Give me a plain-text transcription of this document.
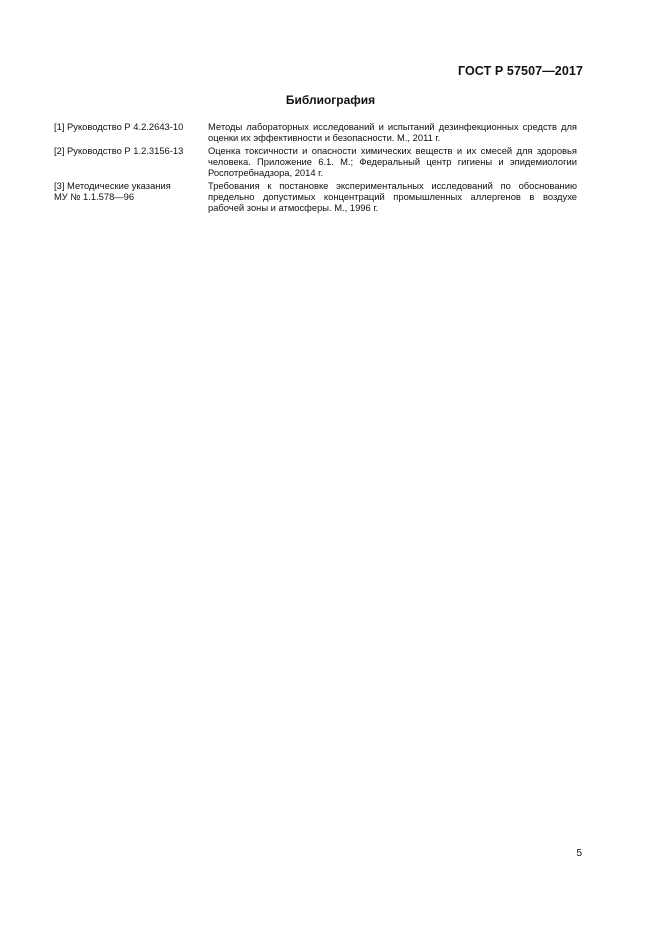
ГОСТ Р 57507—2017
Библиография
[1] Руководство Р 4.2.2643-10	Методы лабораторных исследований и испытаний дезинфекционных средств для оценки их эффективности и безопасности. М., 2011 г.
[2] Руководство Р 1.2.3156-13	Оценка токсичности и опасности химических веществ и их смесей для здоровья человека. Приложение 6.1. М.; Федеральный центр гигиены и эпидемиологии Роспотребнадзора, 2014 г.
[3] Методические указания
МУ № 1.1.578—96
Требования к постановке экспериментальных исследований по обоснованию предельно допустимых концентраций промышленных аллергенов в воздухе рабочей зоны и атмосферы. М., 1996 г.
5
